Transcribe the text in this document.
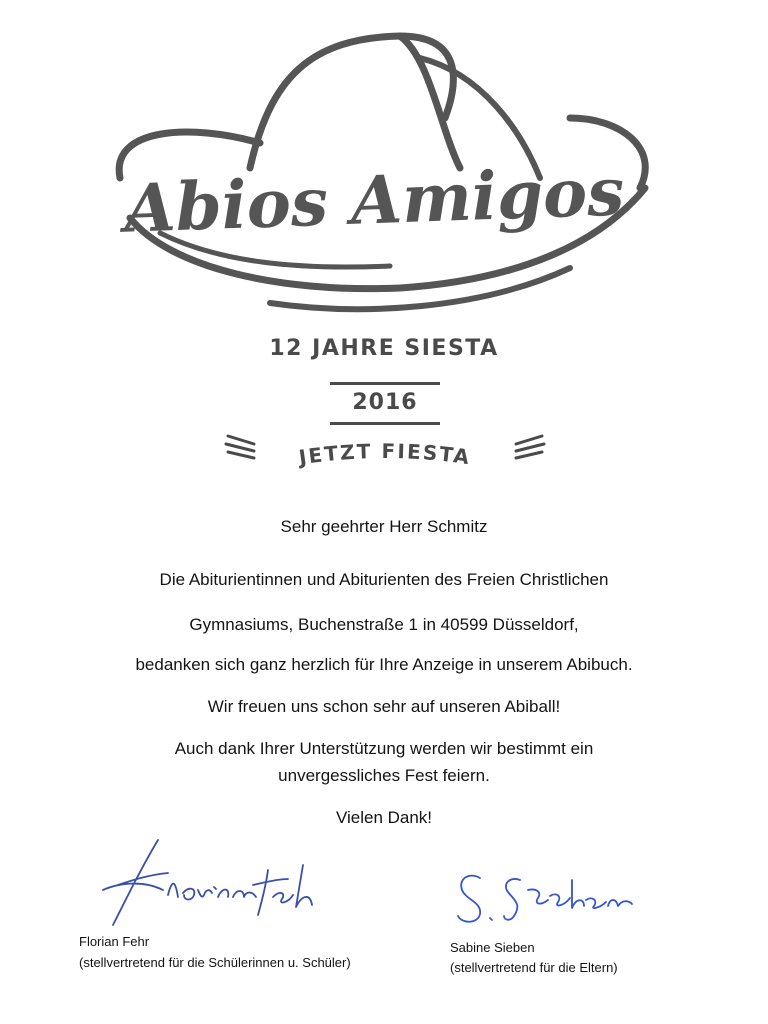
Abios Amigos
12 JAHRE SIESTA
2016
JETZT FIESTA
Sehr geehrter Herr Schmitz
Die Abiturientinnen und Abiturienten des Freien Christlichen
Gymnasiums, Buchenstraße 1 in 40599 Düsseldorf,
bedanken sich ganz herzlich für Ihre Anzeige in unserem Abibuch.
Wir freuen uns schon sehr auf unseren Abiball!
Auch dank Ihrer Unterstützung werden wir bestimmt ein
unvergessliches Fest feiern.
Vielen Dank!
Florian Fehr
(stellvertretend für die Schülerinnen u. Schüler)
Sabine Sieben
(stellvertretend für die Eltern)
